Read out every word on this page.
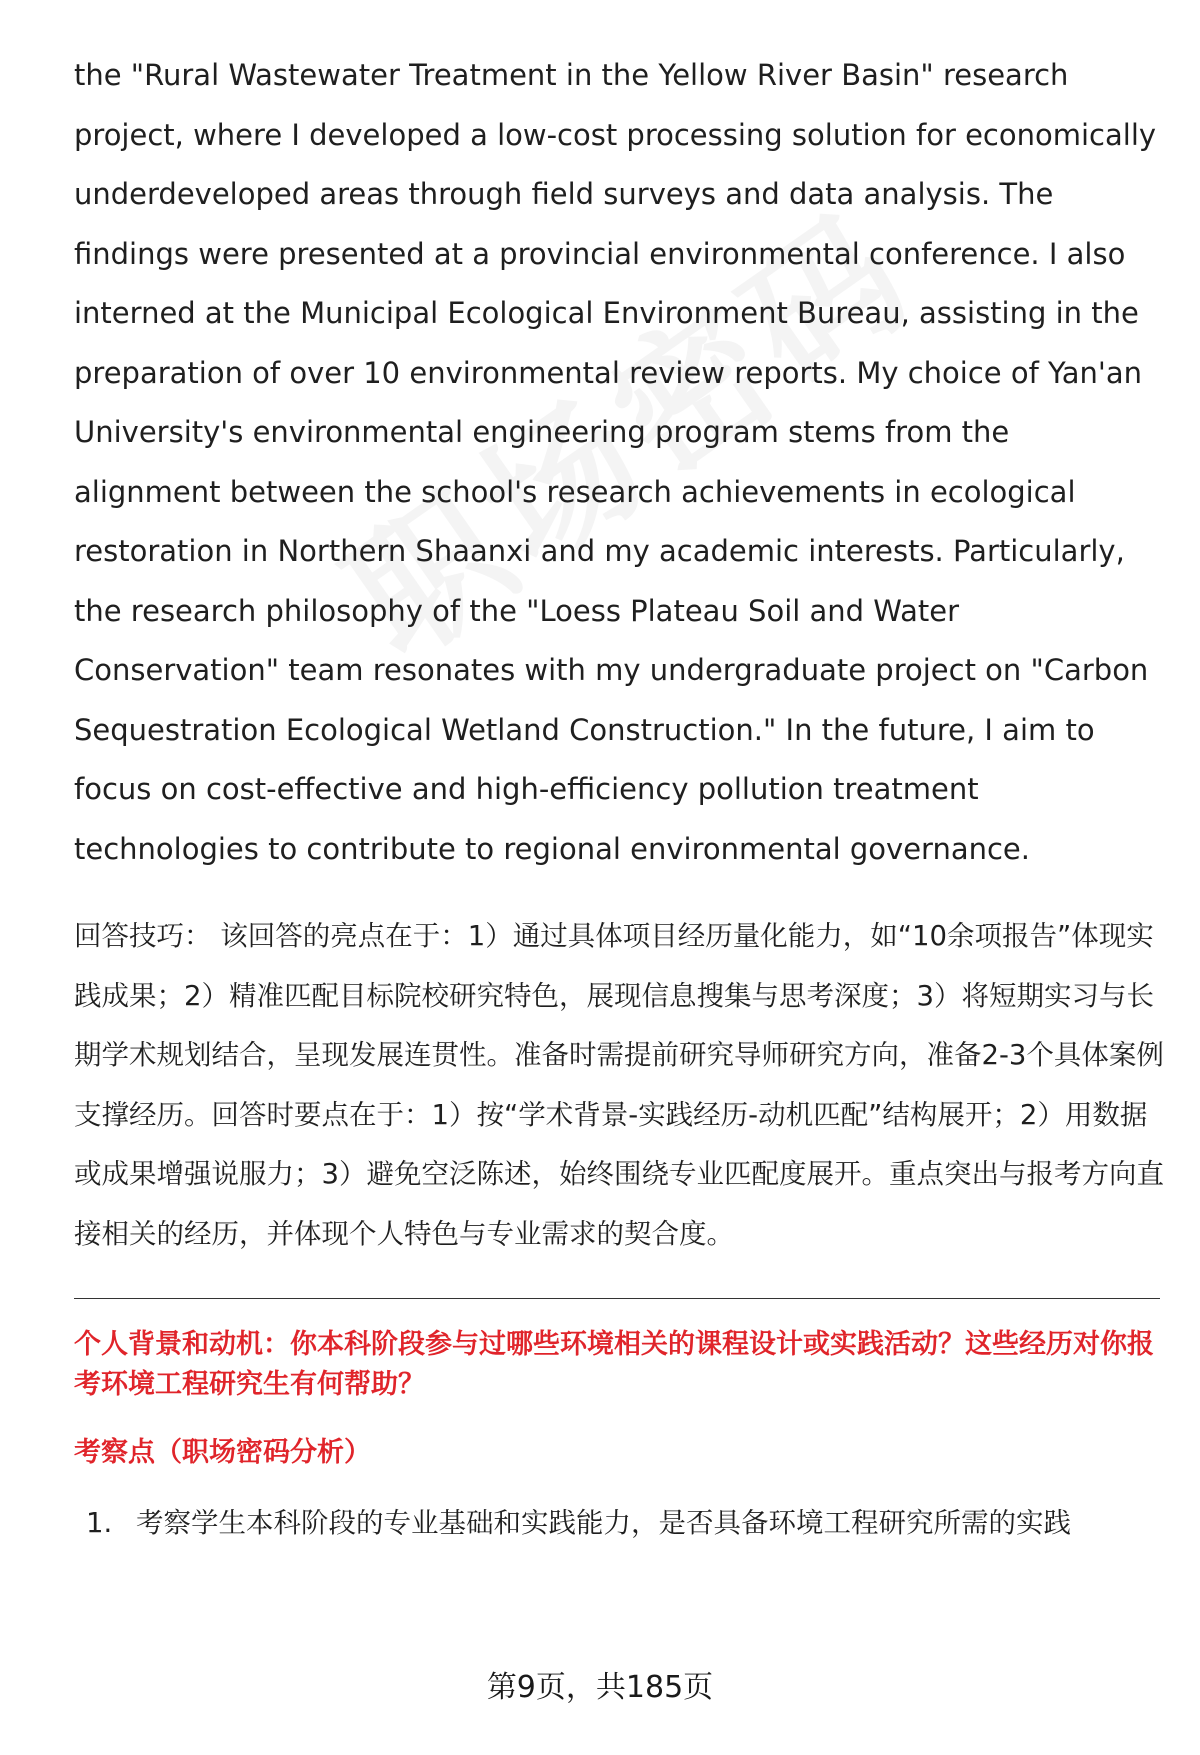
the "Rural Wastewater Treatment in the Yellow River Basin" research project, where I developed a low-cost processing solution for economically underdeveloped areas through field surveys and data analysis. The findings were presented at a provincial environmental conference. I also interned at the Municipal Ecological Environment Bureau, assisting in the preparation of over 10 environmental review reports. My choice of Yan'an University's environmental engineering program stems from the alignment between the school's research achievements in ecological restoration in Northern Shaanxi and my academic interests. Particularly, the research philosophy of the "Loess Plateau Soil and Water Conservation" team resonates with my undergraduate project on "Carbon Sequestration Ecological Wetland Construction." In the future, I aim to focus on cost-effective and high-efficiency pollution treatment technologies to contribute to regional environmental governance.

回答技巧： 该回答的亮点在于：1）通过具体项目经历量化能力，如“10余项报告”体现实践成果；2）精准匹配目标院校研究特色，展现信息搜集与思考深度；3）将短期实习与长期学术规划结合，呈现发展连贯性。准备时需提前研究导师研究方向，准备2-3个具体案例支撑经历。回答时要点在于：1）按“学术背景-实践经历-动机匹配”结构展开；2）用数据或成果增强说服力；3）避免空泛陈述，始终围绕专业匹配度展开。重点突出与报考方向直接相关的经历，并体现个人特色与专业需求的契合度。
个人背景和动机：你本科阶段参与过哪些环境相关的课程设计或实践活动？这些经历对你报考环境工程研究生有何帮助？
考察点（职场密码分析）
1. 考察学生本科阶段的专业基础和实践能力，是否具备环境工程研究所需的实践
第9页，共185页
